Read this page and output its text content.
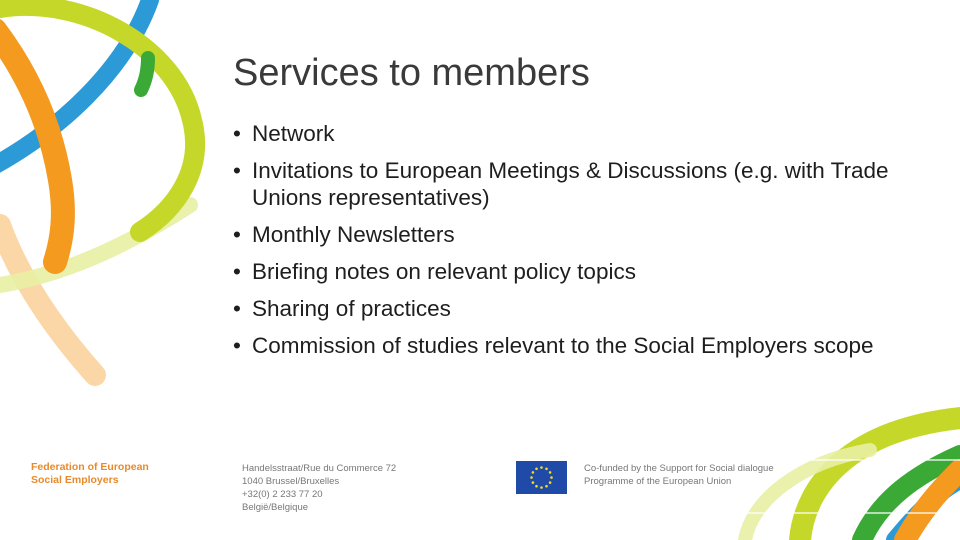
Services to members
• Network
• Invitations to European Meetings & Discussions (e.g. with Trade Unions representatives)
• Monthly Newsletters
• Briefing notes on relevant policy topics
• Sharing of practices
• Commission of studies relevant to the Social Employers scope
Federation of European
Social Employers
Handelsstraat/Rue du Commerce 72
1040 Brussel/Bruxelles
+32(0) 2 233 77 20
België/Belgique
Co-funded by the Support for Social dialogue
Programme of the European Union
